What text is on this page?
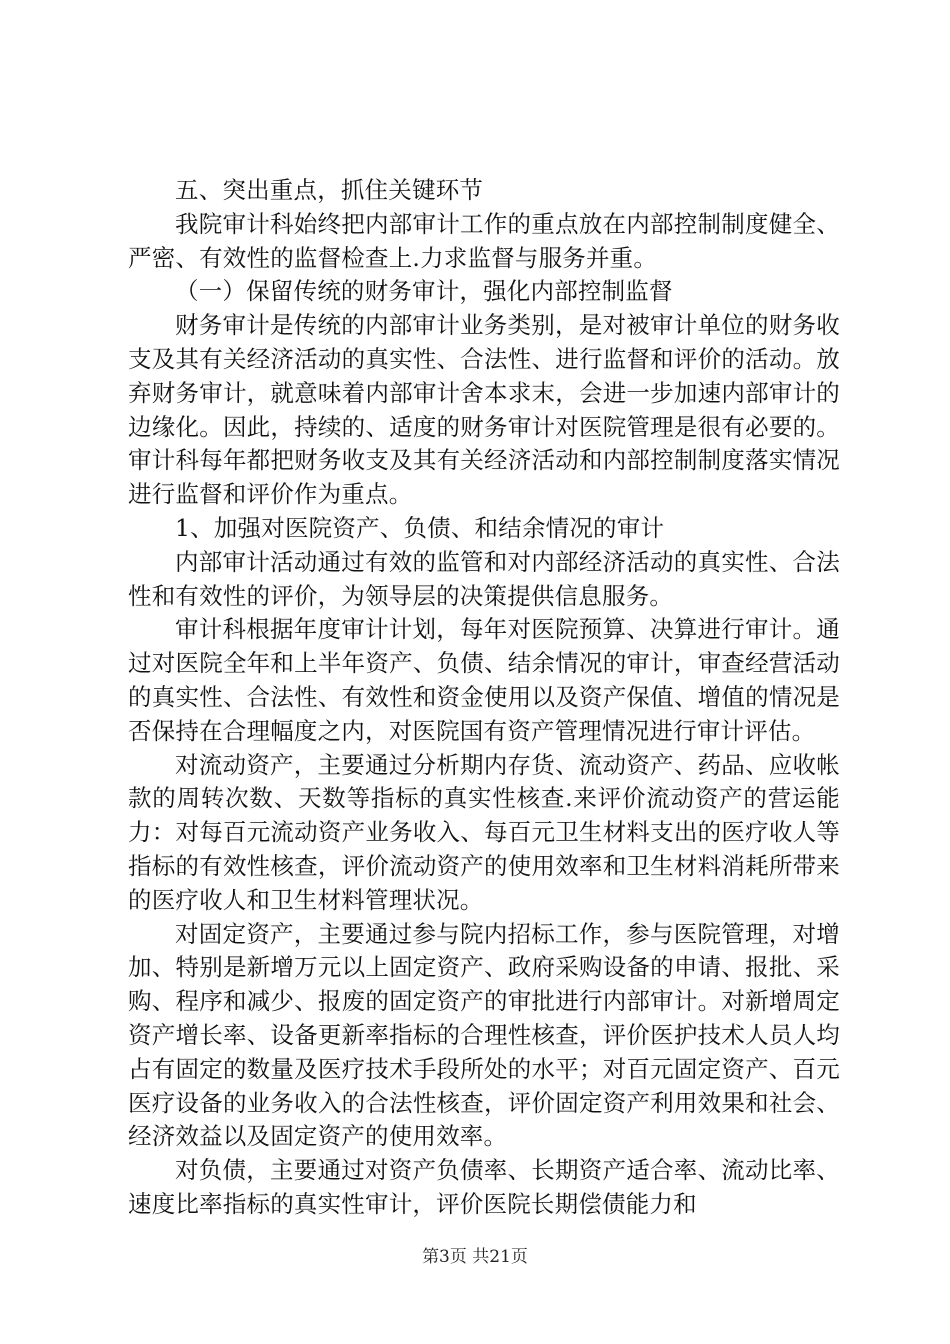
五、突出重点，抓住关键环节

我院审计科始终把内部审计工作的重点放在内部控制制度健全、严密、有效性的监督检查上.力求监督与服务并重。

（一）保留传统的财务审计，强化内部控制监督

财务审计是传统的内部审计业务类别，是对被审计单位的财务收支及其有关经济活动的真实性、合法性、进行监督和评价的活动。放弃财务审计，就意味着内部审计舍本求末，会进一步加速内部审计的边缘化。因此，持续的、适度的财务审计对医院管理是很有必要的。审计科每年都把财务收支及其有关经济活动和内部控制制度落实情况进行监督和评价作为重点。

1、加强对医院资产、负债、和结余情况的审计

内部审计活动通过有效的监管和对内部经济活动的真实性、合法性和有效性的评价，为领导层的决策提供信息服务。

审计科根据年度审计计划，每年对医院预算、决算进行审计。通过对医院全年和上半年资产、负债、结余情况的审计，审查经营活动的真实性、合法性、有效性和资金使用以及资产保值、增值的情况是否保持在合理幅度之内，对医院国有资产管理情况进行审计评估。

对流动资产，主要通过分析期内存货、流动资产、药品、应收帐款的周转次数、天数等指标的真实性核查.来评价流动资产的营运能力：对每百元流动资产业务收入、每百元卫生材料支出的医疗收人等指标的有效性核查，评价流动资产的使用效率和卫生材料消耗所带来的医疗收人和卫生材料管理状况。

对固定资产，主要通过参与院内招标工作，参与医院管理，对增加、特别是新增万元以上固定资产、政府采购设备的申请、报批、采购、程序和减少、报废的固定资产的审批进行内部审计。对新增周定资产增长率、设备更新率指标的合理性核查，评价医护技术人员人均占有固定的数量及医疗技术手段所处的水平；对百元固定资产、百元医疗设备的业务收入的合法性核查，评价固定资产利用效果和社会、经济效益以及固定资产的使用效率。

对负债，主要通过对资产负债率、长期资产适合率、流动比率、速度比率指标的真实性审计，评价医院长期偿债能力和

第3页 共21页
